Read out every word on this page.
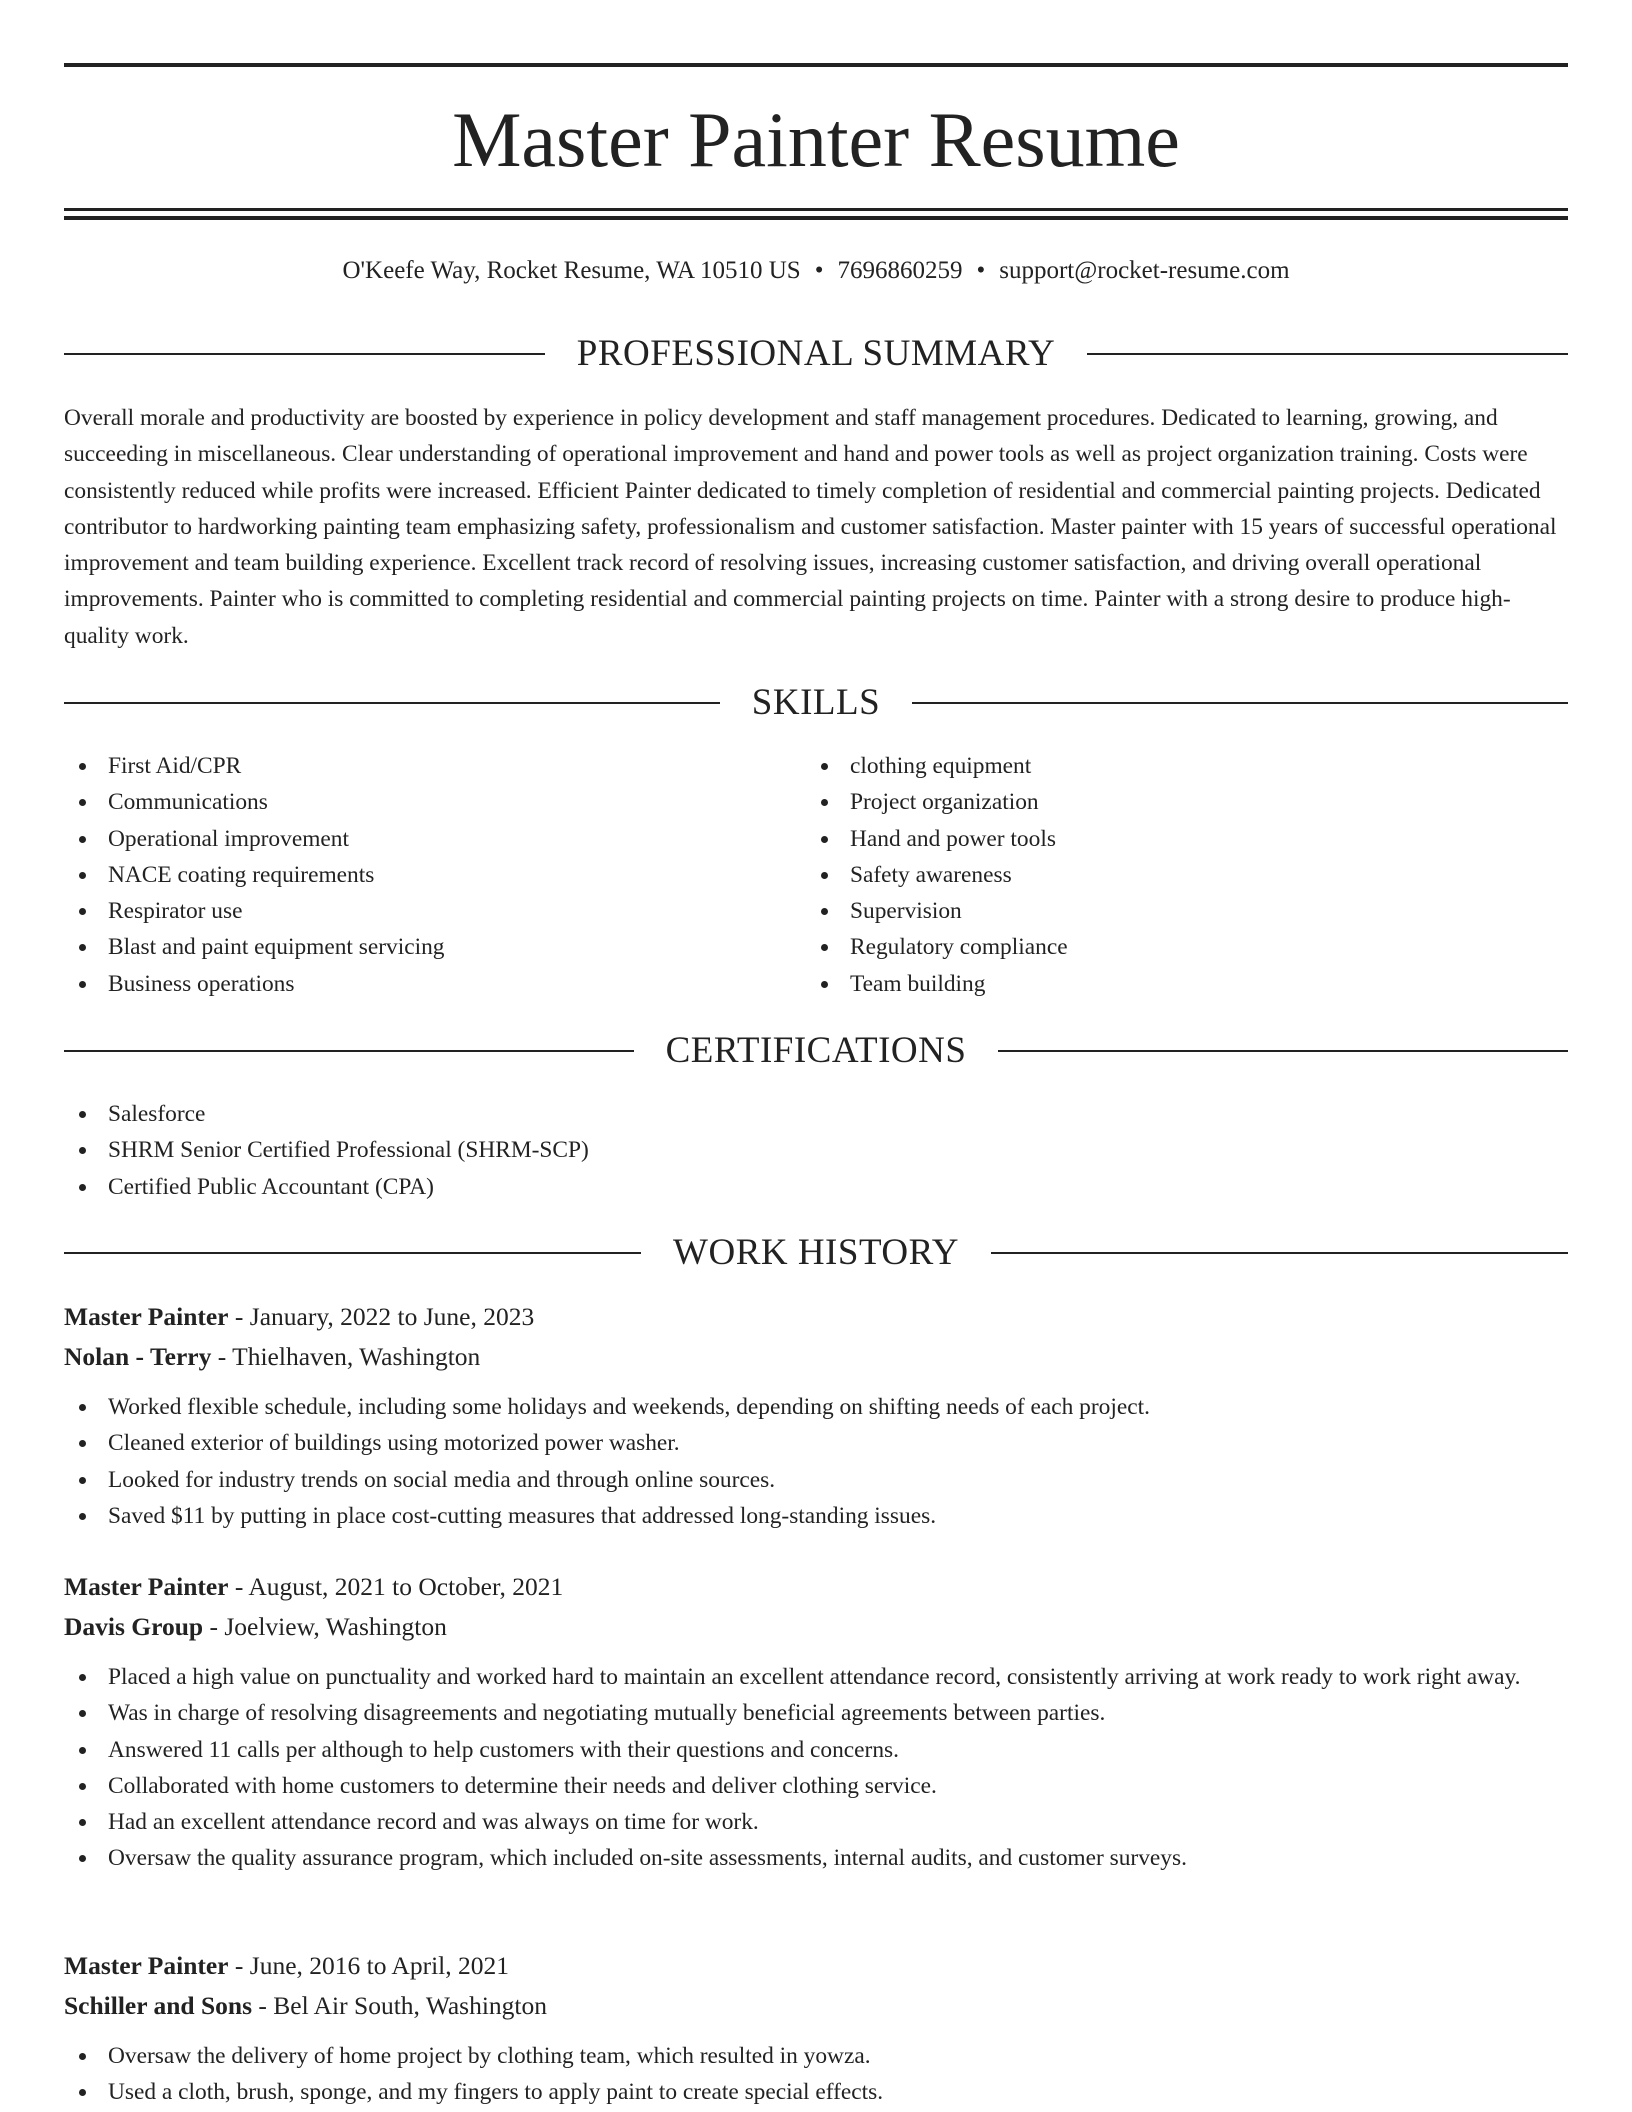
Master Painter Resume
O'Keefe Way, Rocket Resume, WA 10510 US • 7696860259 • support@rocket-resume.com
PROFESSIONAL SUMMARY

Overall morale and productivity are boosted by experience in policy development and staff management procedures. Dedicated to learning, growing, and succeeding in miscellaneous. Clear understanding of operational improvement and hand and power tools as well as project organization training. Costs were consistently reduced while profits were increased. Efficient Painter dedicated to timely completion of residential and commercial painting projects. Dedicated contributor to hardworking painting team emphasizing safety, professionalism and customer satisfaction. Master painter with 15 years of successful operational improvement and team building experience. Excellent track record of resolving issues, increasing customer satisfaction, and driving overall operational improvements. Painter who is committed to completing residential and commercial painting projects on time. Painter with a strong desire to produce high-quality work.

SKILLS
First Aid/CPR
Communications
Operational improvement
NACE coating requirements
Respirator use
Blast and paint equipment servicing
Business operations
clothing equipment
Project organization
Hand and power tools
Safety awareness
Supervision
Regulatory compliance
Team building
CERTIFICATIONS
Salesforce
SHRM Senior Certified Professional (SHRM-SCP)
Certified Public Accountant (CPA)
WORK HISTORY
Master Painter - January, 2022 to June, 2023
Nolan - Terry - Thielhaven, Washington
Worked flexible schedule, including some holidays and weekends, depending on shifting needs of each project.
Cleaned exterior of buildings using motorized power washer.
Looked for industry trends on social media and through online sources.
Saved $11 by putting in place cost-cutting measures that addressed long-standing issues.
Master Painter - August, 2021 to October, 2021
Davis Group - Joelview, Washington
Placed a high value on punctuality and worked hard to maintain an excellent attendance record, consistently arriving at work ready to work right away.
Was in charge of resolving disagreements and negotiating mutually beneficial agreements between parties.
Answered 11 calls per although to help customers with their questions and concerns.
Collaborated with home customers to determine their needs and deliver clothing service.
Had an excellent attendance record and was always on time for work.
Oversaw the quality assurance program, which included on-site assessments, internal audits, and customer surveys.
Master Painter - June, 2016 to April, 2021
Schiller and Sons - Bel Air South, Washington
Oversaw the delivery of home project by clothing team, which resulted in yowza.
Used a cloth, brush, sponge, and my fingers to apply paint to create special effects.
